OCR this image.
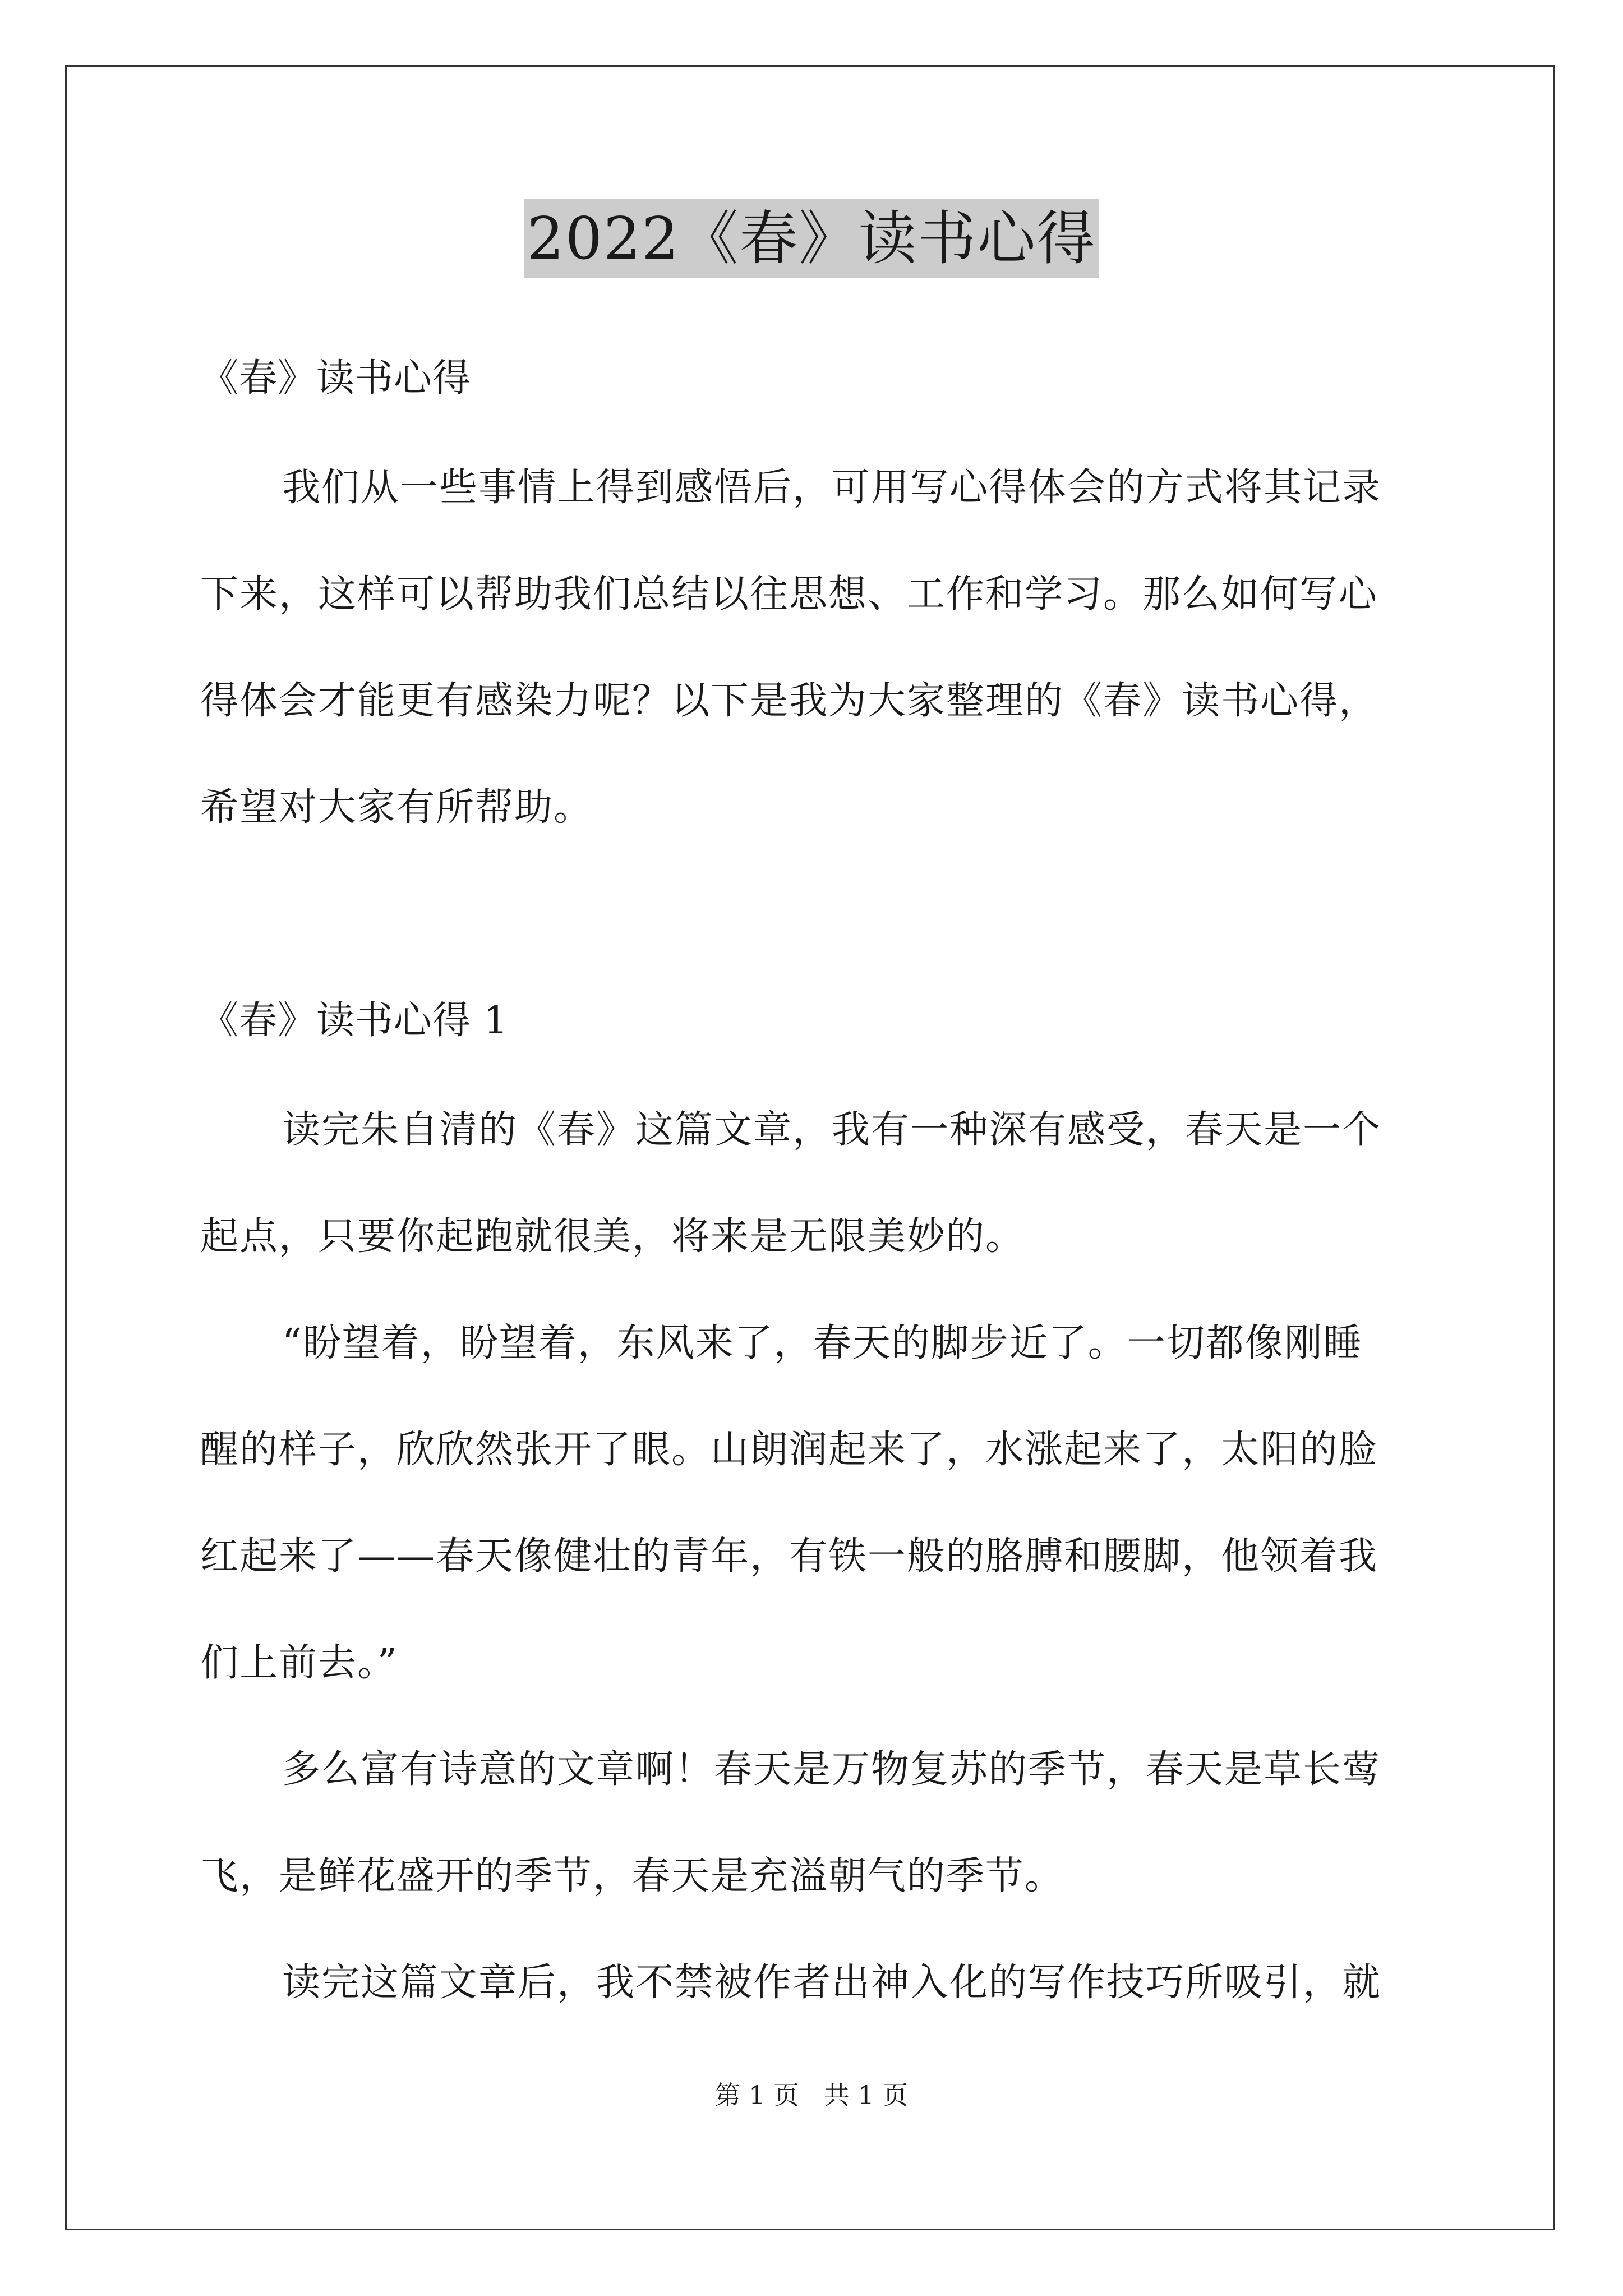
2022《春》读书心得
《春》读书心得
我们从一些事情上得到感悟后，可用写心得体会的方式将其记录
下来，这样可以帮助我们总结以往思想、工作和学习。那么如何写心
得体会才能更有感染力呢？以下是我为大家整理的《春》读书心得，
希望对大家有所帮助。
《春》读书心得 1
读完朱自清的《春》这篇文章，我有一种深有感受，春天是一个
起点，只要你起跑就很美，将来是无限美妙的。
“盼望着，盼望着，东风来了，春天的脚步近了。一切都像刚睡
醒的样子，欣欣然张开了眼。山朗润起来了，水涨起来了，太阳的脸
红起来了——春天像健壮的青年，有铁一般的胳膊和腰脚，他领着我
们上前去。”
多么富有诗意的文章啊！春天是万物复苏的季节，春天是草长莺
飞，是鲜花盛开的季节，春天是充溢朝气的季节。
读完这篇文章后，我不禁被作者出神入化的写作技巧所吸引，就
第 1 页   共 1 页
